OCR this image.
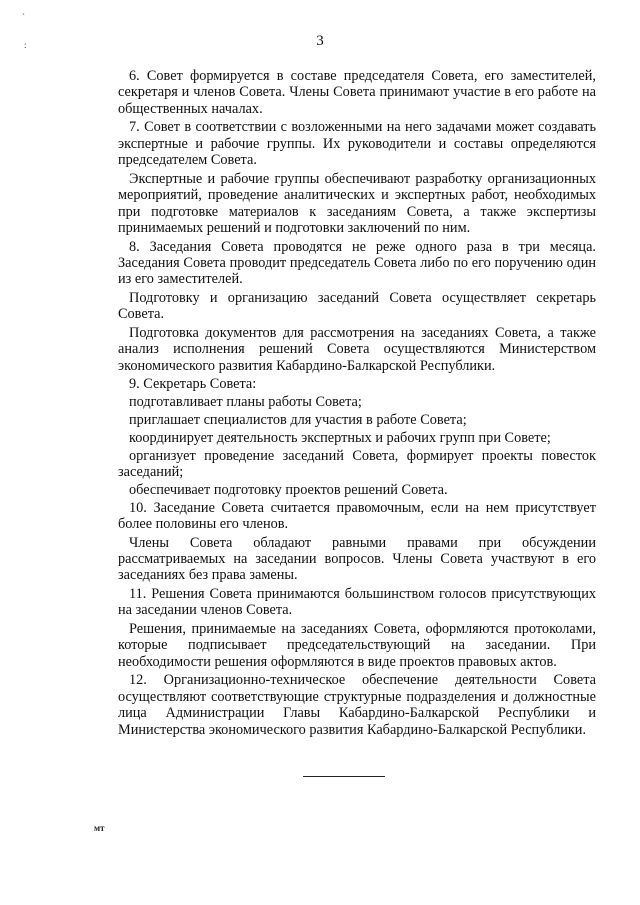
`
:	3

6. Совет формируется в составе председателя Совета, его заместителей, секретаря и членов Совета. Члены Совета принимают участие в его работе на общественных началах.

7. Совет в соответствии с возложенными на него задачами может создавать экспертные и рабочие группы. Их руководители и составы определяются председателем Совета.

Экспертные и рабочие группы обеспечивают разработку организационных мероприятий, проведение аналитических и экспертных работ, необходимых при подготовке материалов к заседаниям Совета, а также экспертизы принимаемых решений и подготовки заключений по ним.

8. Заседания Совета проводятся не реже одного раза в три месяца. Заседания Совета проводит председатель Совета либо по его поручению один из его заместителей.

Подготовку и организацию заседаний Совета осуществляет секретарь Совета.

Подготовка документов для рассмотрения на заседаниях Совета, а также анализ исполнения решений Совета осуществляются Министерством экономического развития Кабардино-Балкарской Республики.

9. Секретарь Совета:

подготавливает планы работы Совета;

приглашает специалистов для участия в работе Совета;

координирует деятельность экспертных и рабочих групп при Совете;

организует проведение заседаний Совета, формирует проекты повесток заседаний;

обеспечивает подготовку проектов решений Совета.

10. Заседание Совета считается правомочным, если на нем присутствует более половины его членов.

Члены Совета обладают равными правами при обсуждении рассматриваемых на заседании вопросов. Члены Совета участвуют в его заседаниях без права замены.

11. Решения Совета принимаются большинством голосов присутствующих на заседании членов Совета.

Решения, принимаемые на заседаниях Совета, оформляются протоколами, которые подписывает председательствующий на заседании. При необходимости решения оформляются в виде проектов правовых актов.

12. Организационно-техническое обеспечение деятельности Совета осуществляют соответствующие структурные подразделения и должностные лица Администрации Главы Кабардино-Балкарской Республики и Министерства экономического развития Кабардино-Балкарской Республики.

мт
